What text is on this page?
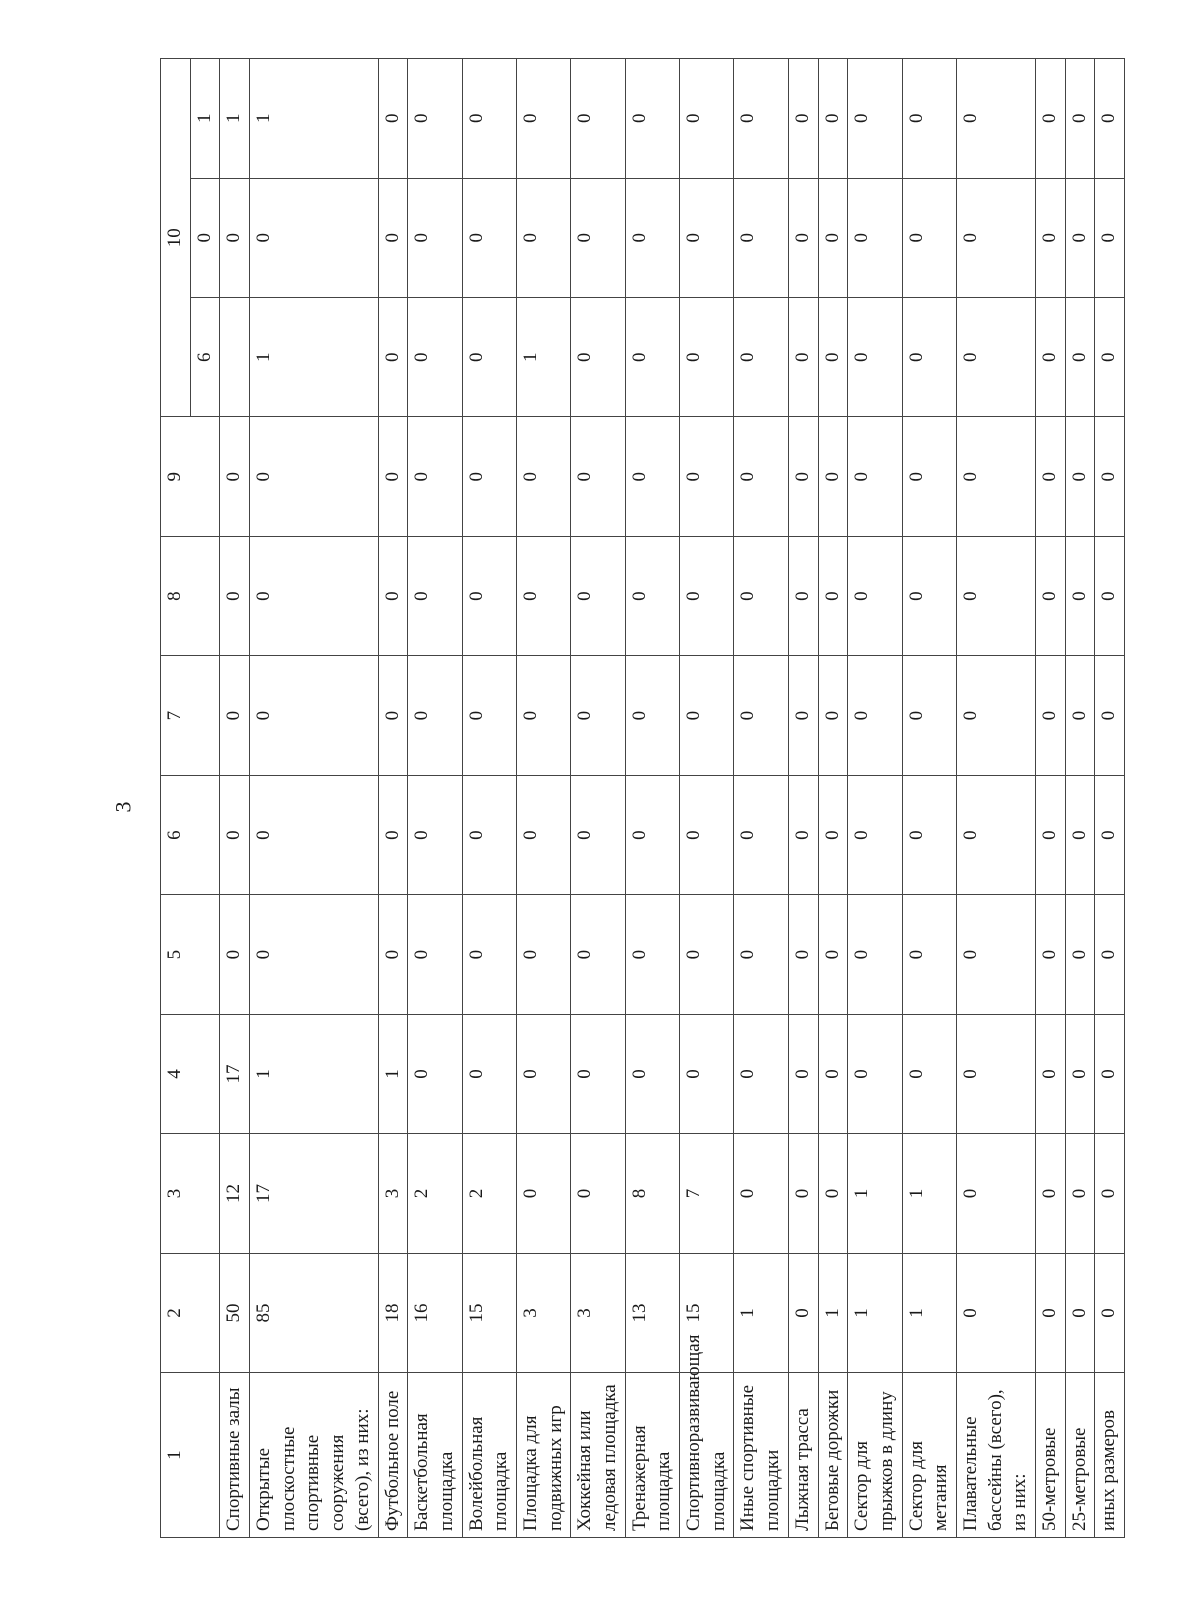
3
1	2	3	4	5	6	7	8	9	10		
									6	0	1
Спортивные залы	50	12	17	0	0	0	0	0		0	1
Открытые плоскостные спортивные сооружения (всего), из них:	85	17	1	0	0	0	0	0	1	0	1
Футбольное поле	18	3	1	0	0	0	0	0	0	0	0
Баскетбольная площадка	16	2	0	0	0	0	0	0	0	0	0
Волейбольная площадка	15	2	0	0	0	0	0	0	0	0	0
Площадка для подвижных игр	3	0	0	0	0	0	0	0	1	0	0
Хоккейная или ледовая площадка	3	0	0	0	0	0	0	0	0	0	0
Тренажерная площадка	13	8	0	0	0	0	0	0	0	0	0
Спортивноразвивающая площадка	15	7	0	0	0	0	0	0	0	0	0
Иные спортивные площадки	1	0	0	0	0	0	0	0	0	0	0
Лыжная трасса	0	0	0	0	0	0	0	0	0	0	0
Беговые дорожки	1	0	0	0	0	0	0	0	0	0	0
Сектор для прыжков в длину	1	1	0	0	0	0	0	0	0	0	0
Сектор для метания	1	1	0	0	0	0	0	0	0	0	0
Плавательные бассейны (всего), из них:	0	0	0	0	0	0	0	0	0	0	0
50-метровые	0	0	0	0	0	0	0	0	0	0	0
25-метровые	0	0	0	0	0	0	0	0	0	0	0
иных размеров	0	0	0	0	0	0	0	0	0	0	0
